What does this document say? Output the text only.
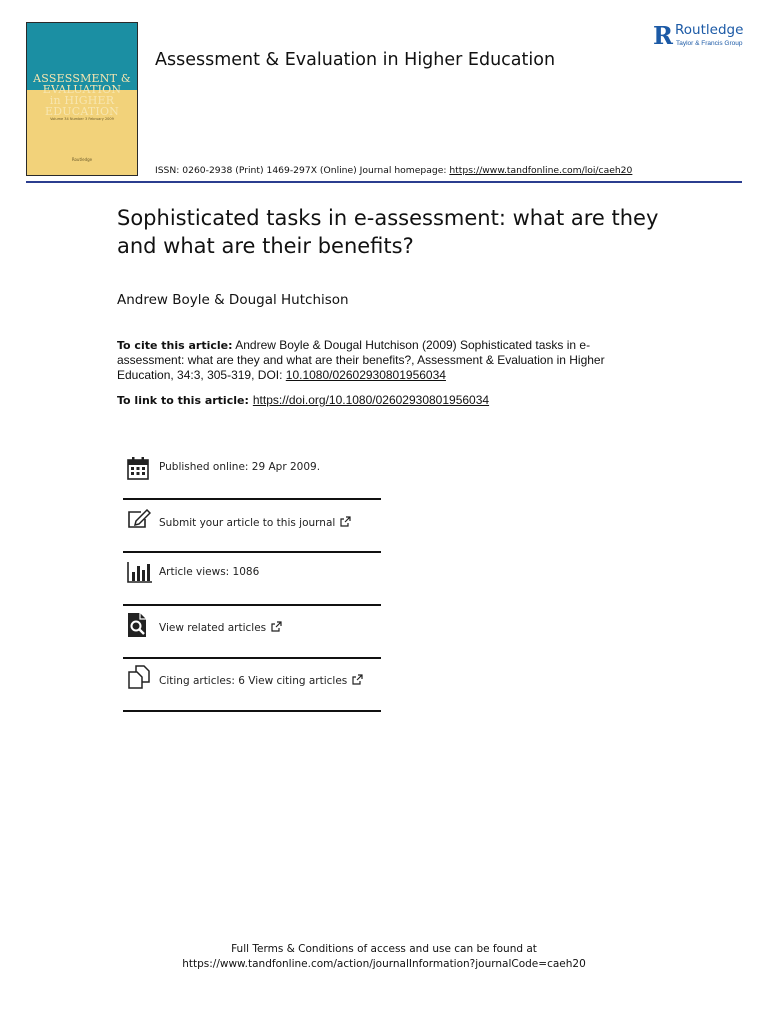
ASSESSMENT &
EVALUATION
in HIGHER
EDUCATION
Volume 34 Number 3 February 2009
Routledge
Assessment & Evaluation in Higher Education
R Routledge
Taylor & Francis Group
ISSN: 0260-2938 (Print) 1469-297X (Online) Journal homepage: https://www.tandfonline.com/loi/caeh20
Sophisticated tasks in e-assessment: what are they and what are their benefits?
Andrew Boyle & Dougal Hutchison
To cite this article: Andrew Boyle & Dougal Hutchison (2009) Sophisticated tasks in e-assessment: what are they and what are their benefits?, Assessment & Evaluation in Higher Education, 34:3, 305-319, DOI: 10.1080/02602930801956034
To link to this article: https://doi.org/10.1080/02602930801956034
Published online: 29 Apr 2009.
Submit your article to this journal
Article views: 1086
View related articles
Citing articles: 6 View citing articles
Full Terms & Conditions of access and use can be found at
https://www.tandfonline.com/action/journalInformation?journalCode=caeh20
